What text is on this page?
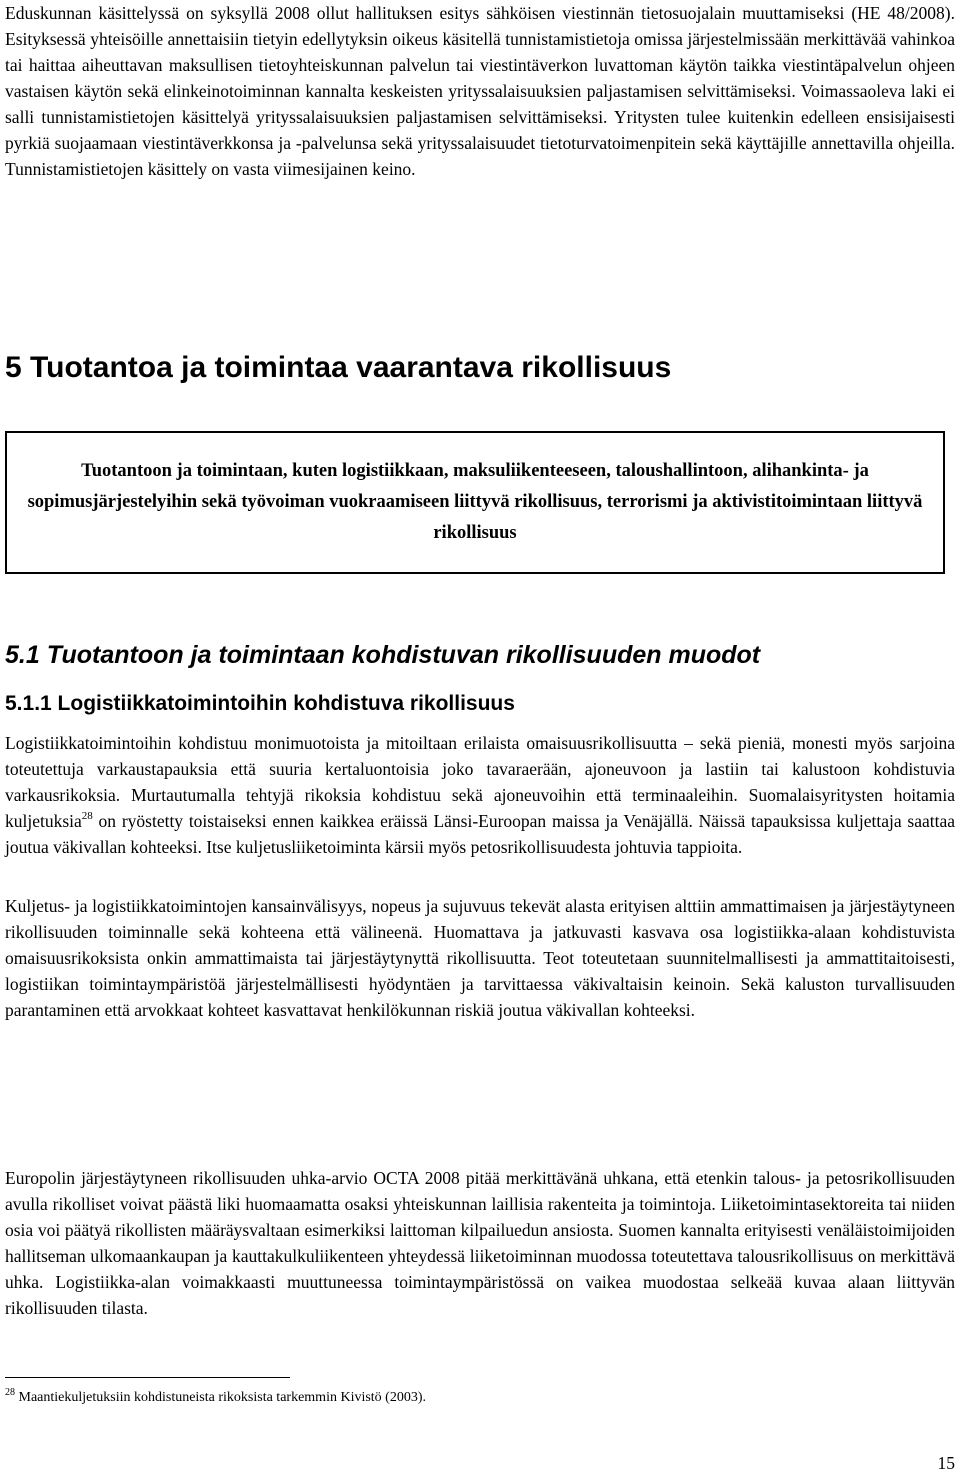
Eduskunnan käsittelyssä on syksyllä 2008 ollut hallituksen esitys sähköisen viestinnän tietosuojalain muuttamiseksi (HE 48/2008). Esityksessä yhteisöille annettaisiin tietyin edellytyksin oikeus käsitellä tunnistamistietoja omissa järjestelmissään merkittävää vahinkoa tai haittaa aiheuttavan maksullisen tietoyhteiskunnan palvelun tai viestintäverkon luvattoman käytön taikka viestintäpalvelun ohjeen vastaisen käytön sekä elinkeinotoiminnan kannalta keskeisten yrityssalaisuuksien paljastamisen selvittämiseksi. Voimassaoleva laki ei salli tunnistamistietojen käsittelyä yrityssalaisuuksien paljastamisen selvittämiseksi. Yritysten tulee kuitenkin edelleen ensisijaisesti pyrkiä suojaamaan viestintäverkkonsa ja -palvelunsa sekä yrityssalaisuudet tietoturvatoimenpitein sekä käyttäjille annettavilla ohjeilla. Tunnistamistietojen käsittely on vasta viimesijainen keino.

5 Tuotantoa ja toimintaa vaarantava rikollisuus

Tuotantoon ja toimintaan, kuten logistiikkaan, maksuliikenteeseen, taloushallintoon, alihankinta- ja sopimusjärjestelyihin sekä työvoiman vuokraamiseen liittyvä rikollisuus, terrorismi ja aktivistitoimintaan liittyvä rikollisuus

5.1 Tuotantoon ja toimintaan kohdistuvan rikollisuuden muodot
5.1.1 Logistiikkatoimintoihin kohdistuva rikollisuus

Logistiikkatoimintoihin kohdistuu monimuotoista ja mitoiltaan erilaista omaisuusrikollisuutta – sekä pieniä, monesti myös sarjoina toteutettuja varkaustapauksia että suuria kertaluontoisia joko tavaraerään, ajoneuvoon ja lastiin tai kalustoon kohdistuvia varkausrikoksia. Murtautumalla tehtyjä rikoksia kohdistuu sekä ajoneuvoihin että terminaaleihin. Suomalaisyritysten hoitamia kuljetuksia$^{28}$ on ryöstetty toistaiseksi ennen kaikkea eräissä Länsi-Euroopan maissa ja Venäjällä. Näissä tapauksissa kuljettaja saattaa joutua väkivallan kohteeksi. Itse kuljetusliiketoiminta kärsii myös petosrikollisuudesta johtuvia tappioita.

Kuljetus- ja logistiikkatoimintojen kansainvälisyys, nopeus ja sujuvuus tekevät alasta erityisen alttiin ammattimaisen ja järjestäytyneen rikollisuuden toiminnalle sekä kohteena että välineenä. Huomattava ja jatkuvasti kasvava osa logistiikka-alaan kohdistuvista omaisuusrikoksista onkin ammattimaista tai järjestäytynyttä rikollisuutta. Teot toteutetaan suunnitelmallisesti ja ammattitaitoisesti, logistiikan toimintaympäristöä järjestelmällisesti hyödyntäen ja tarvittaessa väkivaltaisin keinoin. Sekä kaluston turvallisuuden parantaminen että arvokkaat kohteet kasvattavat henkilökunnan riskiä joutua väkivallan kohteeksi.

Europolin järjestäytyneen rikollisuuden uhka-arvio OCTA 2008 pitää merkittävänä uhkana, että etenkin talous- ja petosrikollisuuden avulla rikolliset voivat päästä liki huomaamatta osaksi yhteiskunnan laillisia rakenteita ja toimintoja. Liiketoimintasektoreita tai niiden osia voi päätyä rikollisten määräysvaltaan esimerkiksi laittoman kilpailuedun ansiosta. Suomen kannalta erityisesti venäläistoimijoiden hallitseman ulkomaankaupan ja kauttakulkuliikenteen yhteydessä liiketoiminnan muodossa toteutettava talousrikollisuus on merkittävä uhka. Logistiikka-alan voimakkaasti muuttuneessa toimintaympäristössä on vaikea muodostaa selkeää kuvaa alaan liittyvän rikollisuuden tilasta.

$^{28}$ Maantiekuljetuksiin kohdistuneista rikoksista tarkemmin Kivistö (2003).

15
